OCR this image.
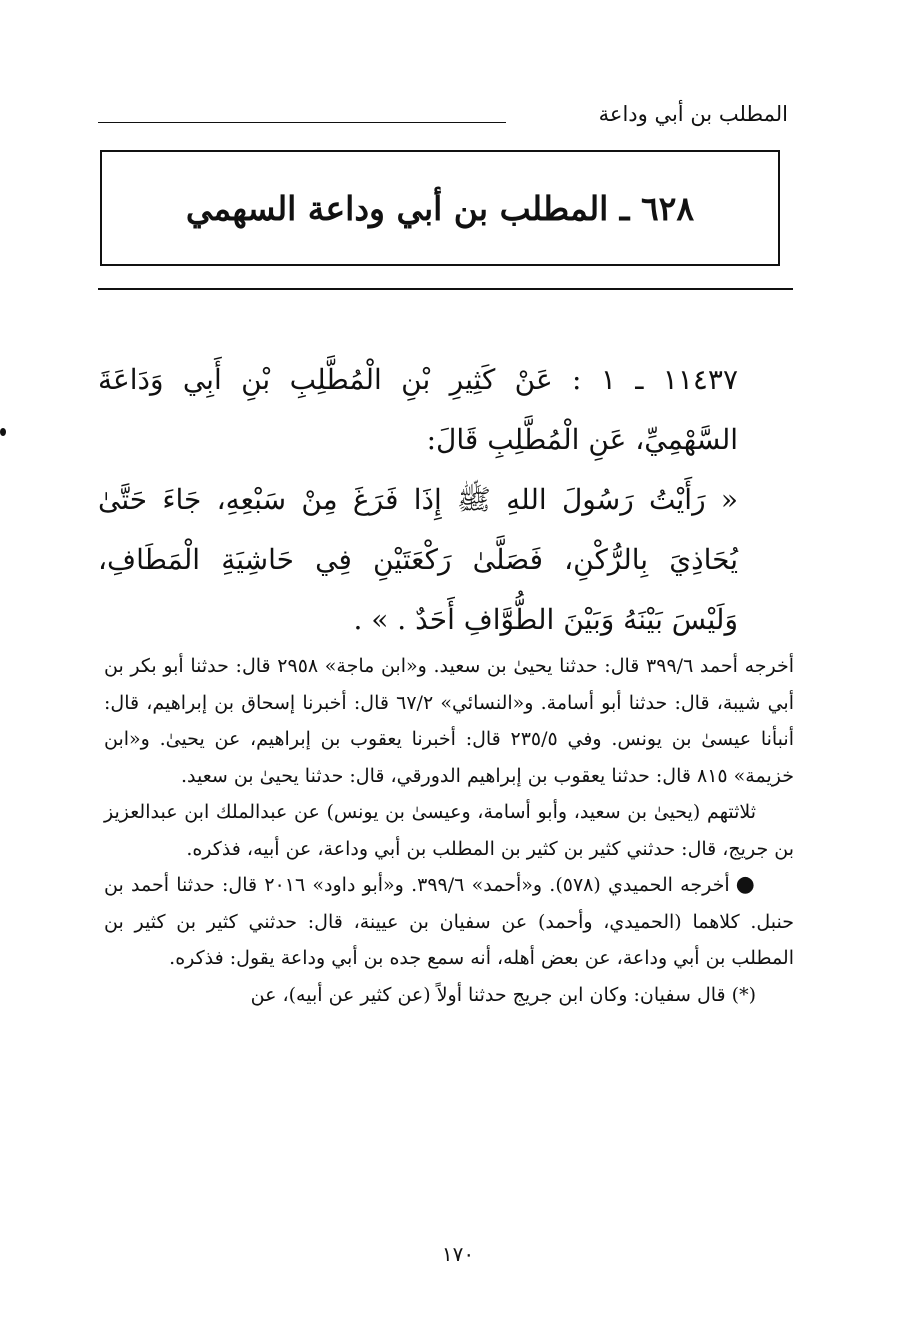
المطلب بن أبي وداعة
٦٢٨ ـ المطلب بن أبي وداعة السهمي

١١٤٣٧ ـ ١ : عَنْ كَثِيرِ بْنِ الْمُطَّلِبِ بْنِ أَبِي وَدَاعَةَ السَّهْمِيِّ، عَنِ الْمُطَّلِبِ قَالَ:

« رَأَيْتُ رَسُولَ اللهِ ﷺ إِذَا فَرَغَ مِنْ سَبْعِهِ، جَاءَ حَتَّىٰ يُحَاذِيَ بِالرُّكْنِ، فَصَلَّىٰ رَكْعَتَيْنِ فِي حَاشِيَةِ الْمَطَافِ، وَلَيْسَ بَيْنَهُ وَبَيْنَ الطُّوَّافِ أَحَدٌ . » .

أخرجه أحمد ٣٩٩/٦ قال: حدثنا يحيىٰ بن سعيد. و«ابن ماجة» ٢٩٥٨ قال: حدثنا أبو بكر بن أبي شيبة، قال: حدثنا أبو أسامة. و«النسائي» ٦٧/٢ قال: أخبرنا إسحاق بن إبراهيم، قال: أنبأنا عيسىٰ بن يونس. وفي ٢٣٥/٥ قال: أخبرنا يعقوب بن إبراهيم، عن يحيىٰ. و«ابن خزيمة» ٨١٥ قال: حدثنا يعقوب بن إبراهيم الدورقي، قال: حدثنا يحيىٰ بن سعيد.

ثلاثتهم (يحيىٰ بن سعيد، وأبو أسامة، وعيسىٰ بن يونس) عن عبدالملك ابن عبدالعزيز بن جريج، قال: حدثني كثير بن كثير بن المطلب بن أبي وداعة، عن أبيه، فذكره.

●أخرجه الحميدي (٥٧٨). و«أحمد» ٣٩٩/٦. و«أبو داود» ٢٠١٦ قال: حدثنا أحمد بن حنبل. كلاهما (الحميدي، وأحمد) عن سفيان بن عيينة، قال: حدثني كثير بن كثير بن المطلب بن أبي وداعة، عن بعض أهله، أنه سمع جده بن أبي وداعة يقول: فذكره.

(*) قال سفيان: وكان ابن جريج حدثنا أولاً (عن كثير عن أبيه)، عن

١٧٠
